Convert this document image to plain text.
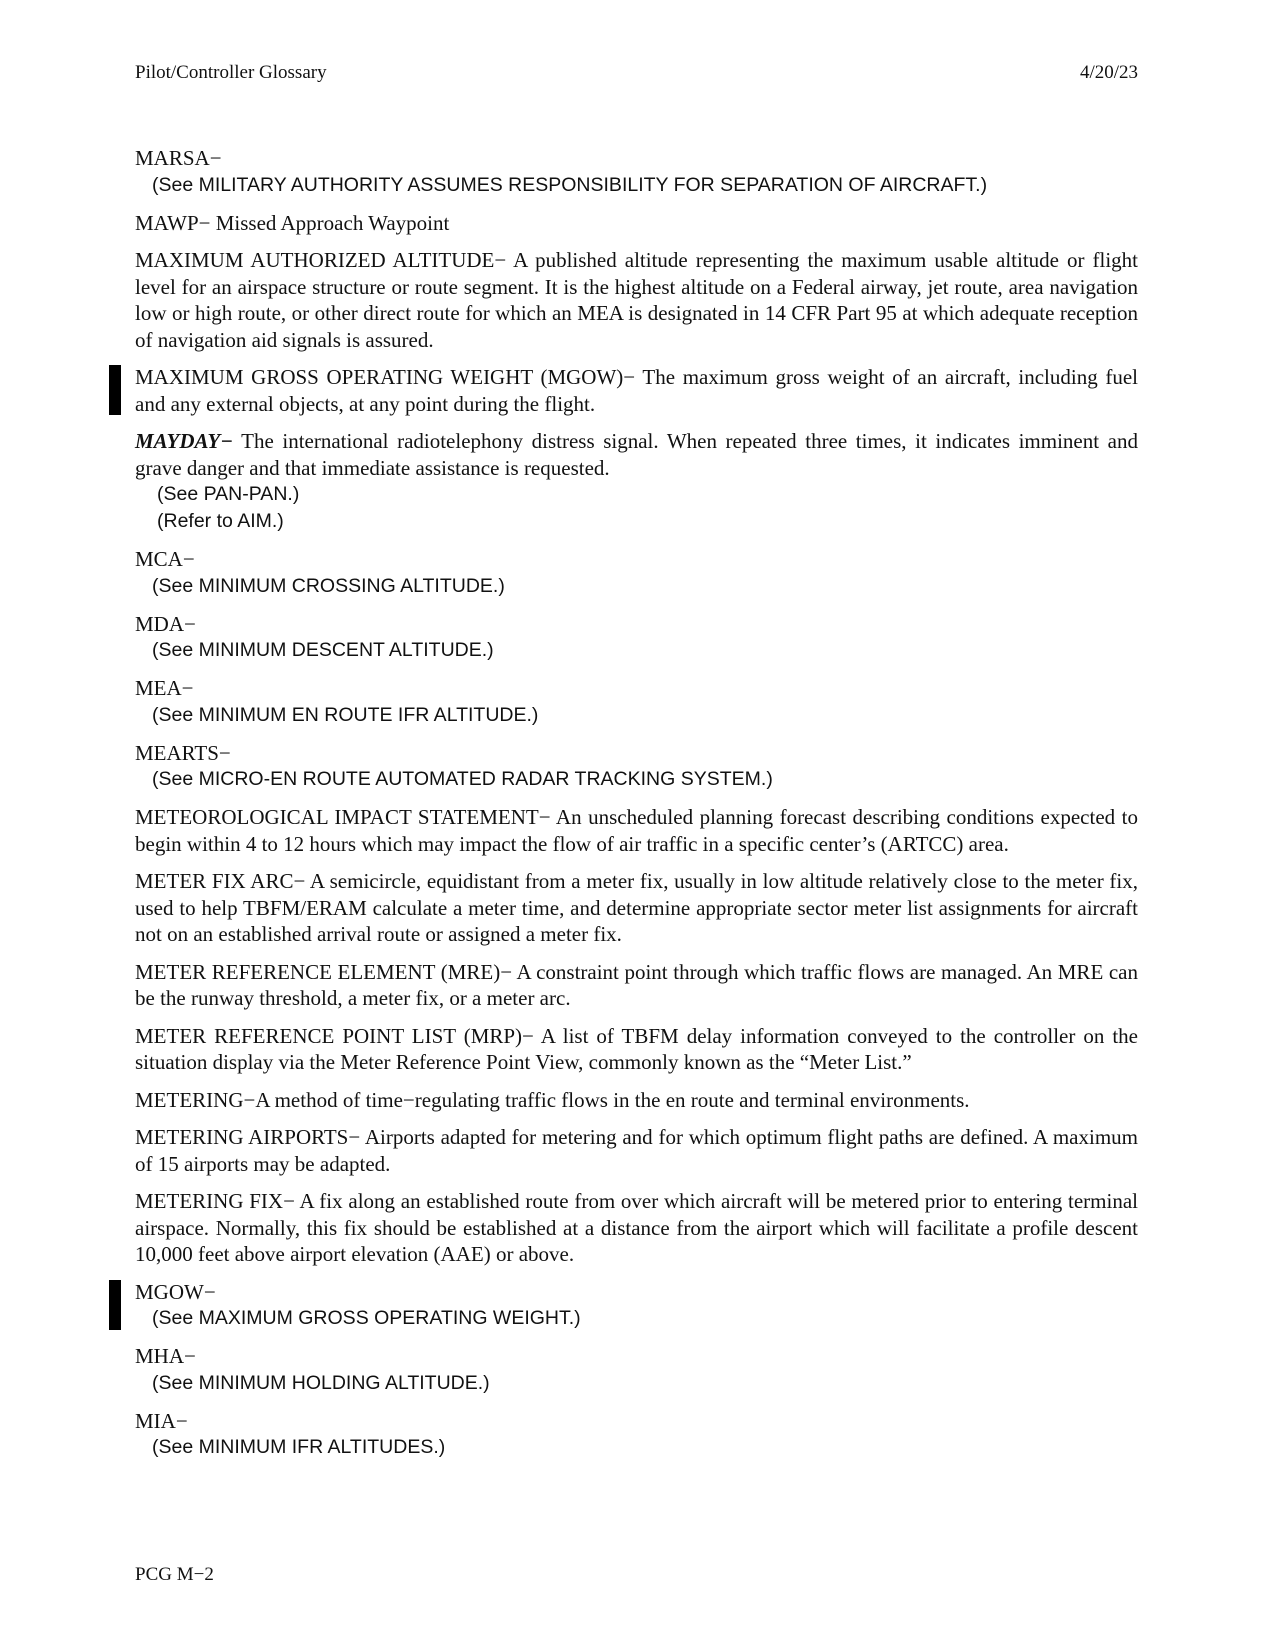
Pilot/Controller Glossary	4/20/23
MARSA−
(See MILITARY AUTHORITY ASSUMES RESPONSIBILITY FOR SEPARATION OF AIRCRAFT.)
MAWP− Missed Approach Waypoint
MAXIMUM AUTHORIZED ALTITUDE− A published altitude representing the maximum usable altitude or flight level for an airspace structure or route segment. It is the highest altitude on a Federal airway, jet route, area navigation low or high route, or other direct route for which an MEA is designated in 14 CFR Part 95 at which adequate reception of navigation aid signals is assured.
MAXIMUM GROSS OPERATING WEIGHT (MGOW)− The maximum gross weight of an aircraft, including fuel and any external objects, at any point during the flight.
MAYDAY− The international radiotelephony distress signal. When repeated three times, it indicates imminent and grave danger and that immediate assistance is requested.
(See PAN-PAN.)
(Refer to AIM.)
MCA−
(See MINIMUM CROSSING ALTITUDE.)
MDA−
(See MINIMUM DESCENT ALTITUDE.)
MEA−
(See MINIMUM EN ROUTE IFR ALTITUDE.)
MEARTS−
(See MICRO-EN ROUTE AUTOMATED RADAR TRACKING SYSTEM.)
METEOROLOGICAL IMPACT STATEMENT− An unscheduled planning forecast describing conditions expected to begin within 4 to 12 hours which may impact the flow of air traffic in a specific center’s (ARTCC) area.
METER FIX ARC− A semicircle, equidistant from a meter fix, usually in low altitude relatively close to the meter fix, used to help TBFM/ERAM calculate a meter time, and determine appropriate sector meter list assignments for aircraft not on an established arrival route or assigned a meter fix.
METER REFERENCE ELEMENT (MRE)− A constraint point through which traffic flows are managed. An MRE can be the runway threshold, a meter fix, or a meter arc.
METER REFERENCE POINT LIST (MRP)− A list of TBFM delay information conveyed to the controller on the situation display via the Meter Reference Point View, commonly known as the “Meter List.”
METERING−A method of time−regulating traffic flows in the en route and terminal environments.
METERING AIRPORTS− Airports adapted for metering and for which optimum flight paths are defined. A maximum of 15 airports may be adapted.
METERING FIX− A fix along an established route from over which aircraft will be metered prior to entering terminal airspace. Normally, this fix should be established at a distance from the airport which will facilitate a profile descent 10,000 feet above airport elevation (AAE) or above.
MGOW−
(See MAXIMUM GROSS OPERATING WEIGHT.)
MHA−
(See MINIMUM HOLDING ALTITUDE.)
MIA−
(See MINIMUM IFR ALTITUDES.)
PCG M−2
